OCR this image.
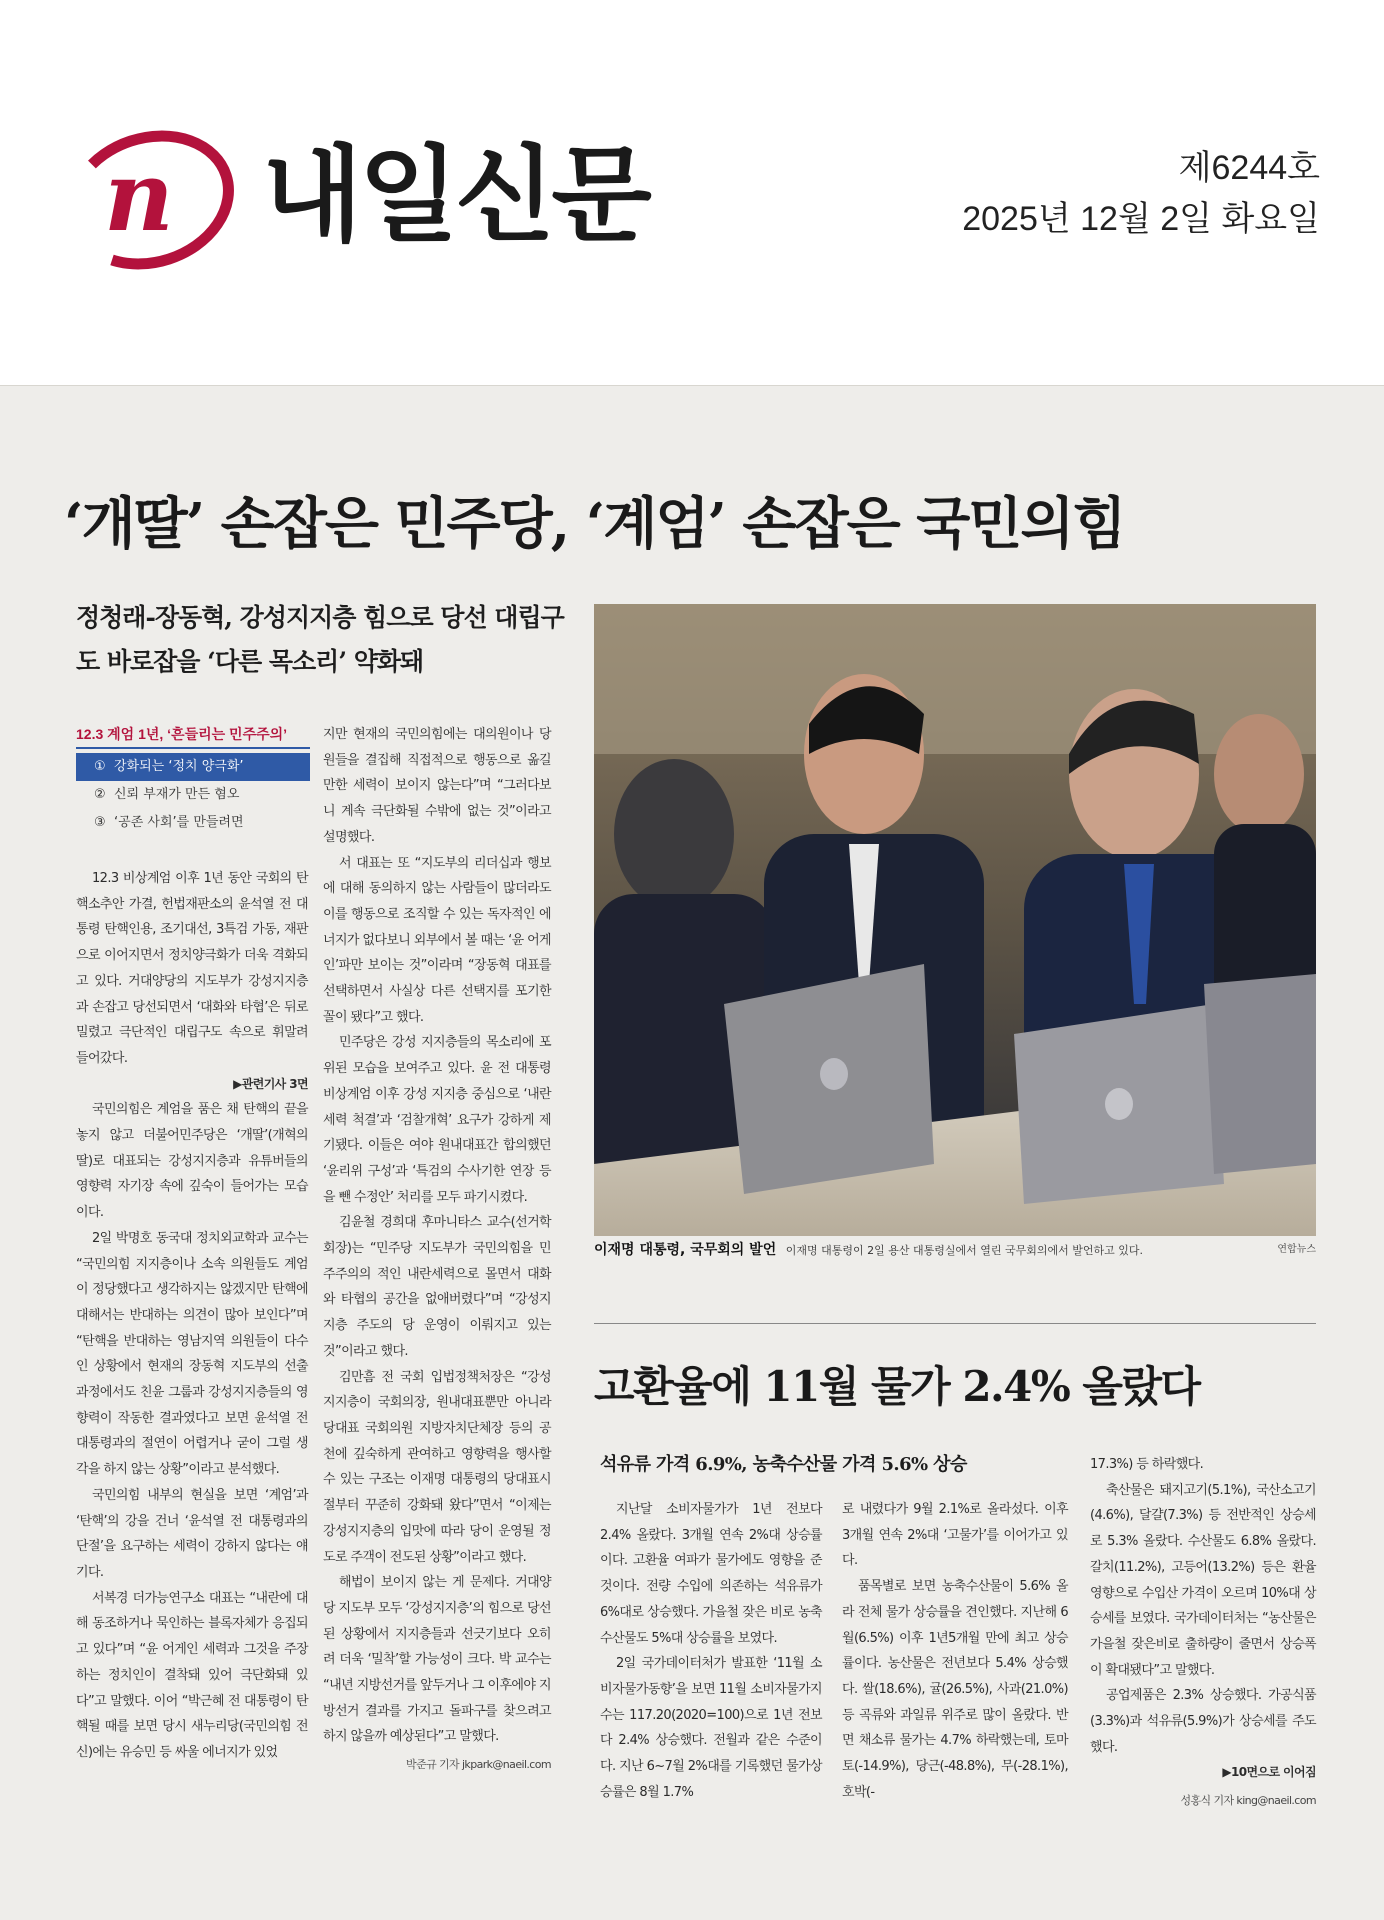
n 내일신문	제6244호
2025년 12월 2일 화요일
‘개딸’ 손잡은 민주당, ‘계엄’ 손잡은 국민의힘
정청래-장동혁, 강성지지층 힘으로 당선 대립구도 바로잡을 ‘다른 목소리’ 약화돼
12.3 계엄 1년, ‘흔들리는 민주주의’
① 강화되는 ‘정치 양극화’
② 신뢰 부재가 만든 혐오
③ ‘공존 사회’를 만들려면

12.3 비상계엄 이후 1년 동안 국회의 탄핵소추안 가결, 헌법재판소의 윤석열 전 대통령 탄핵인용, 조기대선, 3특검 가동, 재판으로 이어지면서 정치양극화가 더욱 격화되고 있다. 거대양당의 지도부가 강성지지층과 손잡고 당선되면서 ‘대화와 타협’은 뒤로 밀렸고 극단적인 대립구도 속으로 휘말려 들어갔다.

▶관련기사 3면

국민의힘은 계엄을 품은 채 탄핵의 끝을 놓지 않고 더불어민주당은 ‘개딸’(개혁의 딸)로 대표되는 강성지지층과 유튜버들의 영향력 자기장 속에 깊숙이 들어가는 모습이다.

2일 박명호 동국대 정치외교학과 교수는 “국민의힘 지지층이나 소속 의원들도 계엄이 정당했다고 생각하지는 않겠지만 탄핵에 대해서는 반대하는 의견이 많아 보인다”며 “탄핵을 반대하는 영남지역 의원들이 다수인 상황에서 현재의 장동혁 지도부의 선출 과정에서도 친윤 그룹과 강성지지층들의 영향력이 작동한 결과였다고 보면 윤석열 전 대통령과의 절연이 어렵거나 굳이 그럴 생각을 하지 않는 상황”이라고 분석했다.

국민의힘 내부의 현실을 보면 ‘계엄’과 ‘탄핵’의 강을 건너 ‘윤석열 전 대통령과의 단절’을 요구하는 세력이 강하지 않다는 얘기다.

서복경 더가능연구소 대표는 “내란에 대해 동조하거나 묵인하는 블록자체가 응집되고 있다”며 “윤 어게인 세력과 그것을 주장하는 정치인이 결착돼 있어 극단화돼 있다”고 말했다. 이어 “박근혜 전 대통령이 탄핵될 때를 보면 당시 새누리당(국민의힘 전신)에는 유승민 등 싸울 에너지가 있었

지만 현재의 국민의힘에는 대의원이나 당원들을 결집해 직접적으로 행동으로 옮길 만한 세력이 보이지 않는다”며 “그러다보니 계속 극단화될 수밖에 없는 것”이라고 설명했다.

서 대표는 또 “지도부의 리더십과 행보에 대해 동의하지 않는 사람들이 많더라도 이를 행동으로 조직할 수 있는 독자적인 에너지가 없다보니 외부에서 볼 때는 ‘윤 어게인’파만 보이는 것”이라며 “장동혁 대표를 선택하면서 사실상 다른 선택지를 포기한 꼴이 됐다”고 했다.

민주당은 강성 지지층들의 목소리에 포위된 모습을 보여주고 있다. 윤 전 대통령 비상계엄 이후 강성 지지층 중심으로 ‘내란세력 척결’과 ‘검찰개혁’ 요구가 강하게 제기됐다. 이들은 여야 원내대표간 합의했던 ‘윤리위 구성’과 ‘특검의 수사기한 연장 등을 뺀 수정안’ 처리를 모두 파기시켰다.

김윤철 경희대 후마니타스 교수(선거학회장)는 “민주당 지도부가 국민의힘을 민주주의의 적인 내란세력으로 몰면서 대화와 타협의 공간을 없애버렸다”며 “강성지지층 주도의 당 운영이 이뤄지고 있는 것”이라고 했다.

김만흠 전 국회 입법정책처장은 “강성 지지층이 국회의장, 원내대표뿐만 아니라 당대표 국회의원 지방자치단체장 등의 공천에 깊숙하게 관여하고 영향력을 행사할 수 있는 구조는 이재명 대통령의 당대표시절부터 꾸준히 강화돼 왔다”면서 “이제는 강성지지층의 입맛에 따라 당이 운영될 정도로 주객이 전도된 상황”이라고 했다.

해법이 보이지 않는 게 문제다. 거대양당 지도부 모두 ‘강성지지층’의 힘으로 당선된 상황에서 지지층들과 선긋기보다 오히려 더욱 ‘밀착’할 가능성이 크다. 박 교수는 “내년 지방선거를 앞두거나 그 이후에야 지방선거 결과를 가지고 돌파구를 찾으려고 하지 않을까 예상된다”고 말했다.

박준규 기자 jkpark@naeil.com

이재명 대통령, 국무회의 발언 이재명 대통령이 2일 용산 대통령실에서 열린 국무회의에서 발언하고 있다.	연합뉴스
고환율에 11월 물가 2.4% 올랐다
석유류 가격 6.9%, 농축수산물 가격 5.6% 상승

지난달 소비자물가가 1년 전보다 2.4% 올랐다. 3개월 연속 2%대 상승률이다. 고환율 여파가 물가에도 영향을 준 것이다. 전량 수입에 의존하는 석유류가 6%대로 상승했다. 가을철 잦은 비로 농축수산물도 5%대 상승률을 보였다.

2일 국가데이터처가 발표한 ‘11월 소비자물가동향’을 보면 11월 소비자물가지수는 117.20(2020=100)으로 1년 전보다 2.4% 상승했다. 전월과 같은 수준이다. 지난 6~7월 2%대를 기록했던 물가상승률은 8월 1.7%

로 내렸다가 9월 2.1%로 올라섰다. 이후 3개월 연속 2%대 ‘고물가’를 이어가고 있다.

품목별로 보면 농축수산물이 5.6% 올라 전체 물가 상승률을 견인했다. 지난해 6월(6.5%) 이후 1년5개월 만에 최고 상승률이다. 농산물은 전년보다 5.4% 상승했다. 쌀(18.6%), 귤(26.5%), 사과(21.0%) 등 곡류와 과일류 위주로 많이 올랐다. 반면 채소류 물가는 4.7% 하락했는데, 토마토(-14.9%), 당근(-48.8%), 무(-28.1%), 호박(-

17.3%) 등 하락했다.

축산물은 돼지고기(5.1%), 국산소고기(4.6%), 달걀(7.3%) 등 전반적인 상승세로 5.3% 올랐다. 수산물도 6.8% 올랐다. 갈치(11.2%), 고등어(13.2%) 등은 환율 영향으로 수입산 가격이 오르며 10%대 상승세를 보였다. 국가데이터처는 “농산물은 가을철 잦은비로 출하량이 줄면서 상승폭이 확대됐다”고 말했다.

공업제품은 2.3% 상승했다. 가공식품(3.3%)과 석유류(5.9%)가 상승세를 주도했다.

▶10면으로 이어짐

성홍식 기자 king@naeil.com
